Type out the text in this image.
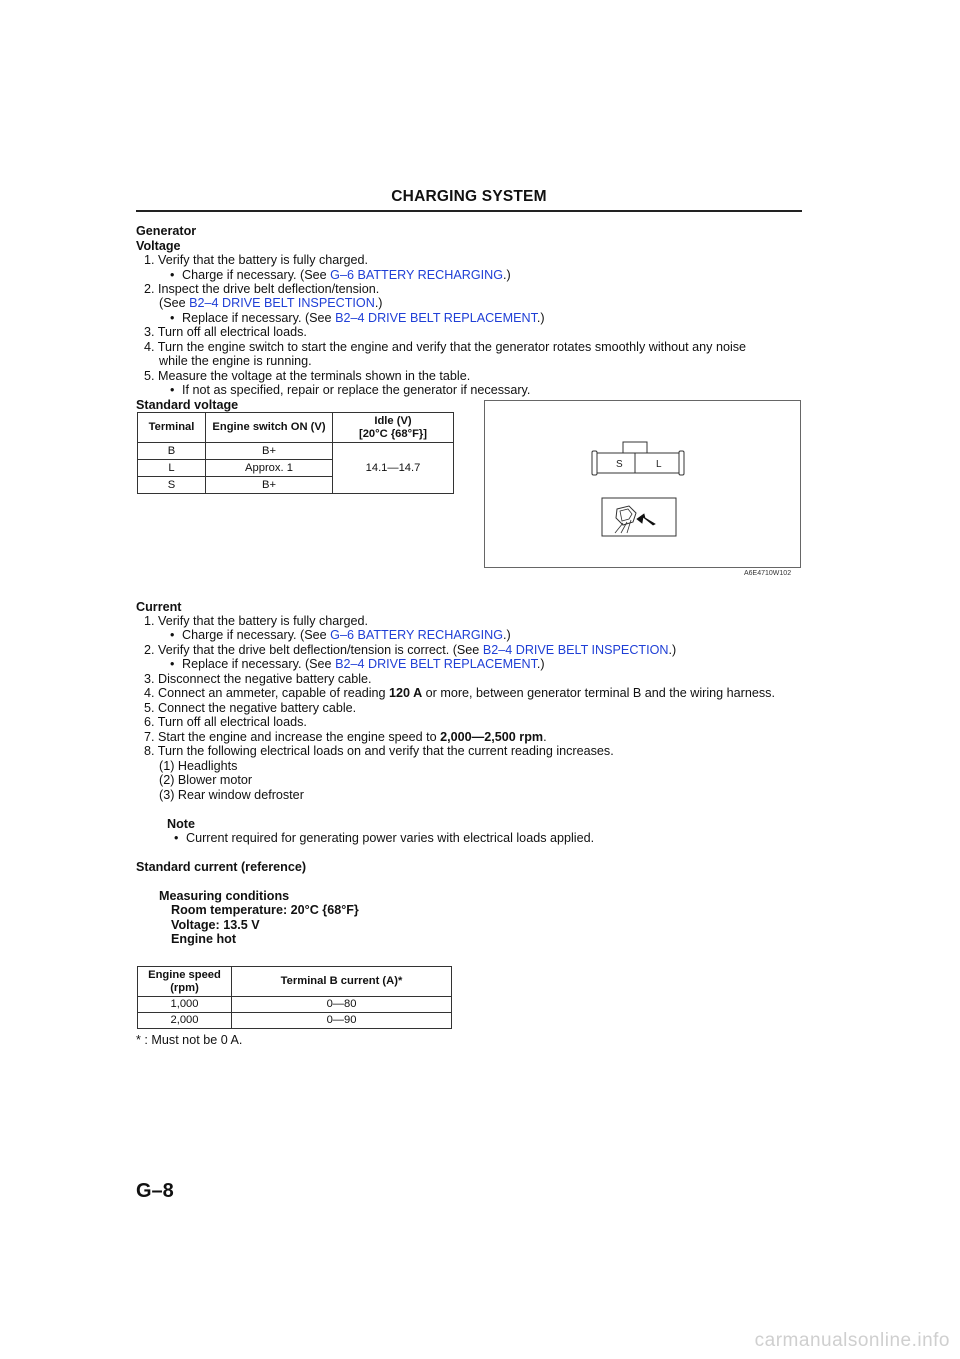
CHARGING SYSTEM
Generator
Voltage
1. Verify that the battery is fully charged.
• Charge if necessary. (See G–6 BATTERY RECHARGING.)
2. Inspect the drive belt deflection/tension.
(See B2–4 DRIVE BELT INSPECTION.)
• Replace if necessary. (See B2–4 DRIVE BELT REPLACEMENT.)
3. Turn off all electrical loads.
4. Turn the engine switch to start the engine and verify that the generator rotates smoothly without any noise
while the engine is running.
5. Measure the voltage at the terminals shown in the table.
• If not as specified, repair or replace the generator if necessary.
Standard voltage
Terminal	Engine switch ON (V)	Idle (V)
[20°C {68°F}]
B	B+	14.1—14.7
L	Approx. 1	
S	B+	
S	L
A6E4710W102
Current
1. Verify that the battery is fully charged.
• Charge if necessary. (See G–6 BATTERY RECHARGING.)
2. Verify that the drive belt deflection/tension is correct. (See B2–4 DRIVE BELT INSPECTION.)
• Replace if necessary. (See B2–4 DRIVE BELT REPLACEMENT.)
3. Disconnect the negative battery cable.
4. Connect an ammeter, capable of reading 120 A or more, between generator terminal B and the wiring harness.
5. Connect the negative battery cable.
6. Turn off all electrical loads.
7. Start the engine and increase the engine speed to 2,000—2,500 rpm.
8. Turn the following electrical loads on and verify that the current reading increases.
(1) Headlights
(2) Blower motor
(3) Rear window defroster
Note
• Current required for generating power varies with electrical loads applied.
Standard current (reference)
Measuring conditions
Room temperature: 20°C {68°F}
Voltage: 13.5 V
Engine hot
Engine speed
(rpm)	Terminal B current (A)*
1,000	0—80
2,000	0—90
* : Must not be 0 A.
G–8
carmanualsonline.info
